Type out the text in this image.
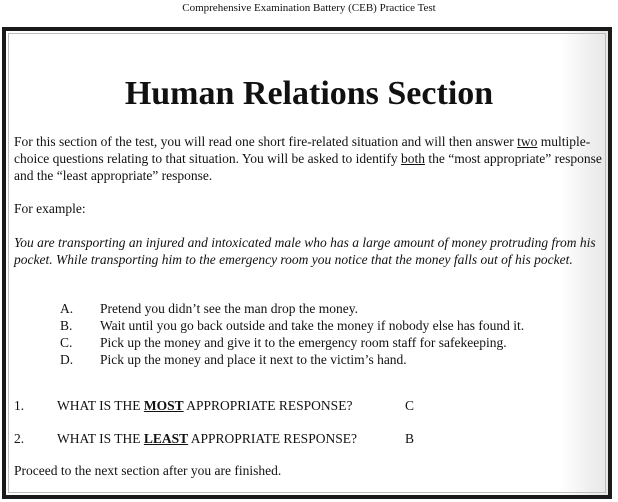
Comprehensive Examination Battery (CEB) Practice Test
Human Relations Section
For this section of the test, you will read one short fire-related situation and will then answer two multiple-choice questions relating to that situation. You will be asked to identify both the “most appropriate” response and the “least appropriate” response.
For example:
You are transporting an injured and intoxicated male who has a large amount of money protruding from his pocket. While transporting him to the emergency room you notice that the money falls out of his pocket.
A.	Pretend you didn’t see the man drop the money.
B.	Wait until you go back outside and take the money if nobody else has found it.
C.	Pick up the money and give it to the emergency room staff for safekeeping.
D.	Pick up the money and place it next to the victim’s hand.
1. WHAT IS THE MOST APPROPRIATE RESPONSE?	C
2. WHAT IS THE LEAST APPROPRIATE RESPONSE?	B
Proceed to the next section after you are finished.
